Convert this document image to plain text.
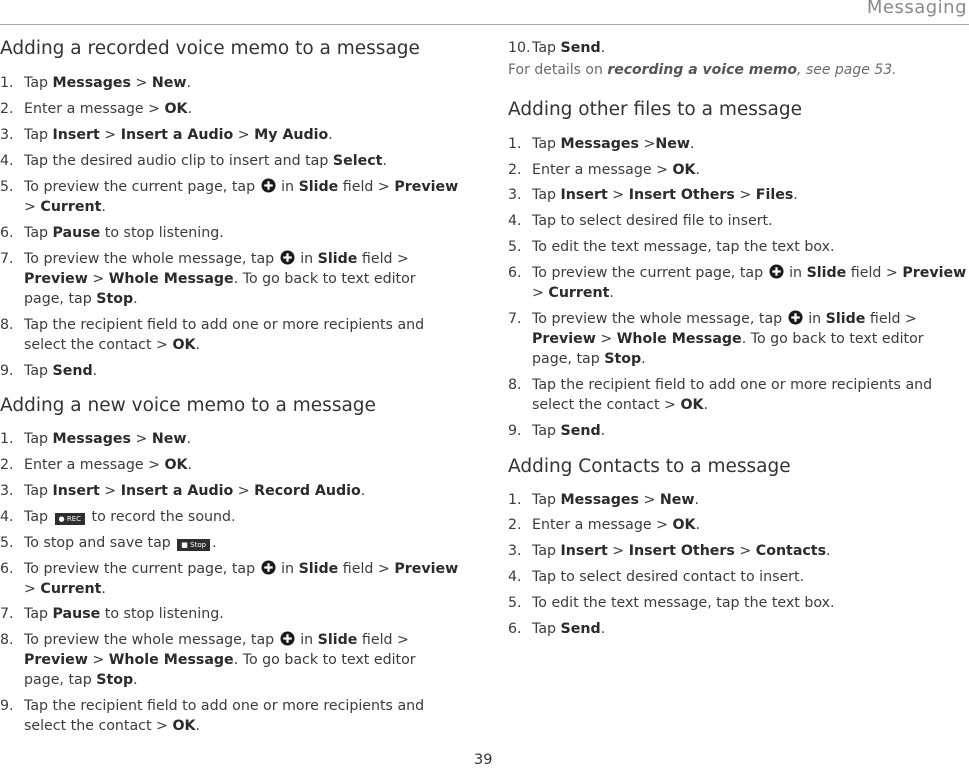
Messaging
Adding a recorded voice memo to a message
1. Tap Messages > New.
2. Enter a message > OK.
3. Tap Insert > Insert a Audio > My Audio.
4. Tap the desired audio clip to insert and tap Select.
5. To preview the current page, tap  in Slide field > Preview > Current.
6. Tap Pause to stop listening.
7. To preview the whole message, tap  in Slide field > Preview > Whole Message. To go back to text editor page, tap Stop.
8. Tap the recipient field to add one or more recipients and select the contact > OK.
9. Tap Send.
Adding a new voice memo to a message
1. Tap Messages > New.
2. Enter a message > OK.
3. Tap Insert > Insert a Audio > Record Audio.
4. Tap ● REC to record the sound.
5. To stop and save tap ■ Stop .
6. To preview the current page, tap  in Slide field > Preview > Current.
7. Tap Pause to stop listening.
8. To preview the whole message, tap  in Slide field > Preview > Whole Message. To go back to text editor page, tap Stop.
9. Tap the recipient field to add one or more recipients and select the contact > OK.
10. Tap Send.
For details on recording a voice memo, see page 53.
Adding other files to a message
1. Tap Messages >New.
2. Enter a message > OK.
3. Tap Insert > Insert Others > Files.
4. Tap to select desired file to insert.
5. To edit the text message, tap the text box.
6. To preview the current page, tap  in Slide field > Preview > Current.
7. To preview the whole message, tap  in Slide field > Preview > Whole Message. To go back to text editor page, tap Stop.
8. Tap the recipient field to add one or more recipients and select the contact > OK.
9. Tap Send.
Adding Contacts to a message
1. Tap Messages > New.
2. Enter a message > OK.
3. Tap Insert > Insert Others > Contacts.
4. Tap to select desired contact to insert.
5. To edit the text message, tap the text box.
6. Tap Send.
39
